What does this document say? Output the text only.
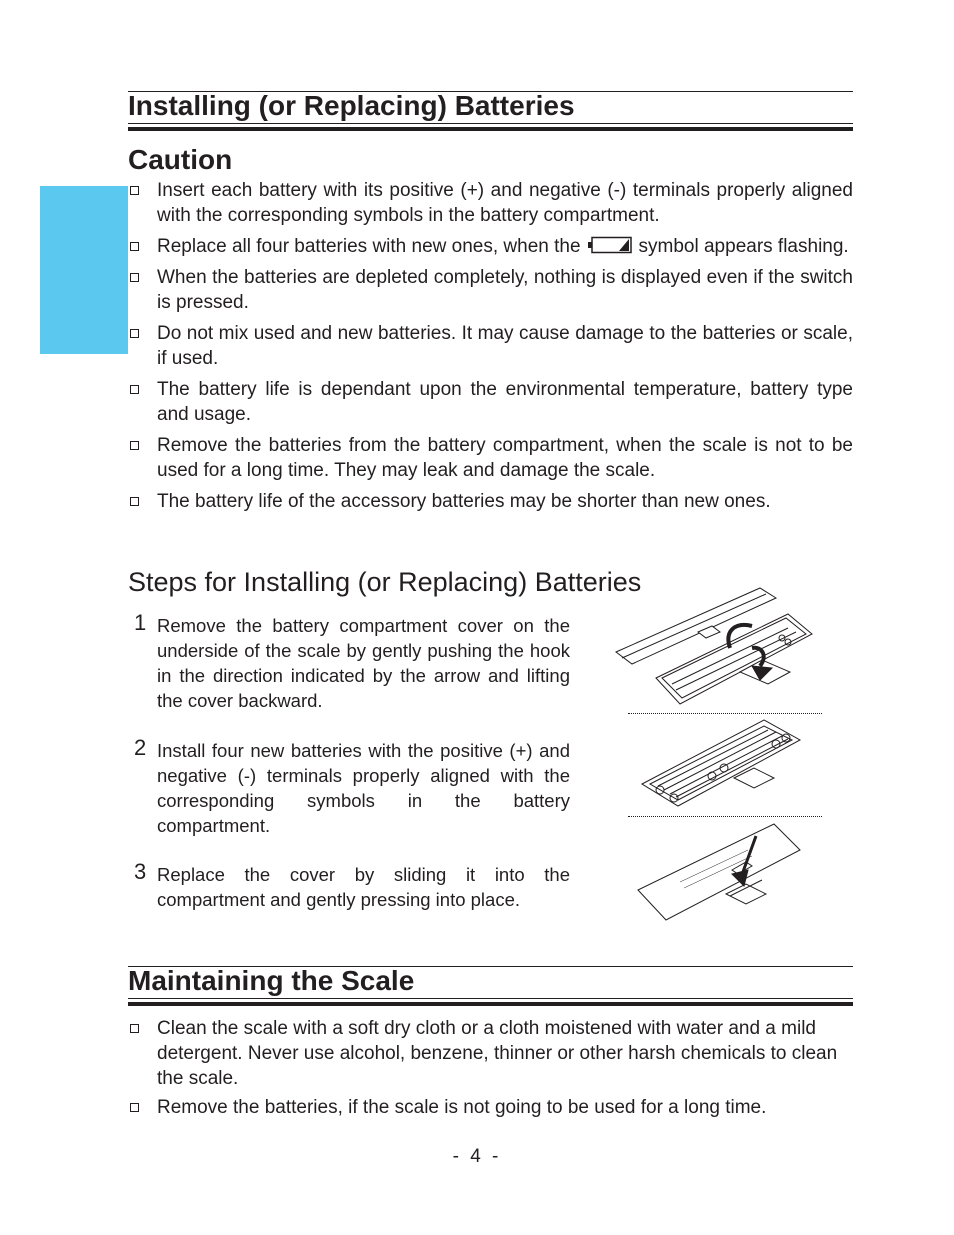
Installing (or Replacing) Batteries
Caution
Insert each battery with its positive (+) and negative (-) terminals properly aligned with the corresponding symbols in the battery compartment.
Replace all four batteries with new ones, when the	symbol appears flashing.
When the batteries are depleted completely, nothing is displayed even if the switch is pressed.
Do not mix used and new batteries. It may cause damage to the batteries or scale, if used.
The battery life is dependant upon the environmental temperature, battery type and usage.
Remove the batteries from the battery compartment, when the scale is not to be used for a long time. They may leak and damage the scale.
The battery life of the accessory batteries may be shorter than new ones.
Steps for Installing (or Replacing) Batteries
1 Remove the battery compartment cover on the underside of the scale by gently pushing the hook in the direction indicated by the arrow and lifting the cover backward.
2 Install four new batteries with the positive (+) and negative (-) terminals properly aligned with the corresponding symbols in the battery compartment.
3 Replace the cover by sliding it into the compartment and gently pressing into place.
Maintaining the Scale
Clean the scale with a soft dry cloth or a cloth moistened with water and a mild detergent. Never use alcohol, benzene, thinner or other harsh chemicals to clean the scale.
Remove the batteries, if the scale is not going to be used for a long time.
- 4 -
